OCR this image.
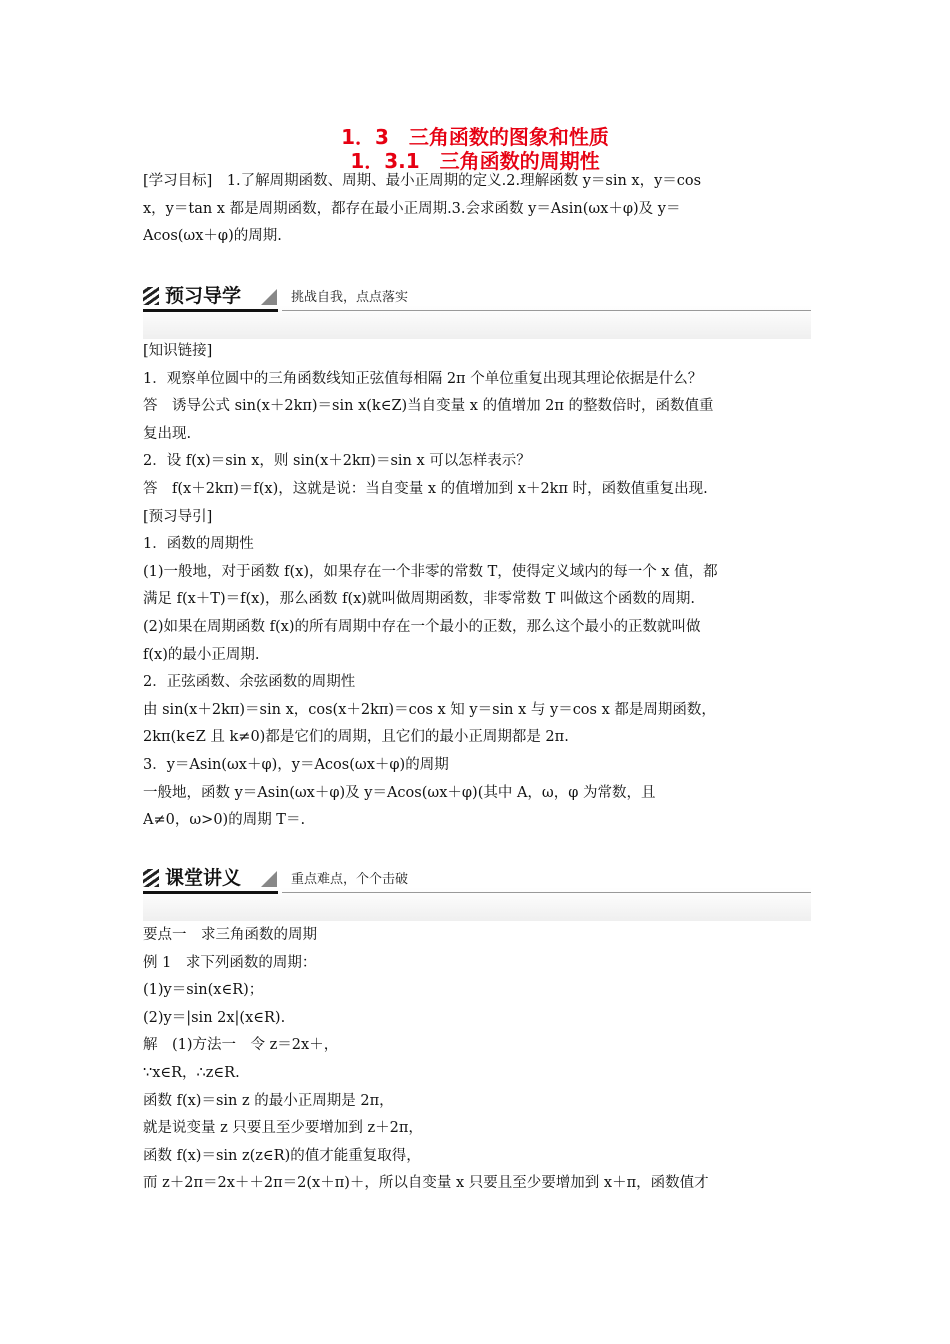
1．3　三角函数的图象和性质
1．3.1　三角函数的周期性
[学习目标]　1.了解周期函数、周期、最小正周期的定义.2.理解函数 y＝sin x，y＝cos
x，y＝tan x 都是周期函数，都存在最小正周期.3.会求函数 y＝Asin(ωx＋φ)及 y＝
Acos(ωx＋φ)的周期.
预习导学	挑战自我，点点落实
[知识链接]
1．观察单位圆中的三角函数线知正弦值每相隔 2π 个单位重复出现其理论依据是什么？
答　诱导公式 sin(x＋2kπ)＝sin x(k∈Z)当自变量 x 的值增加 2π 的整数倍时，函数值重
复出现.
2．设 f(x)＝sin x，则 sin(x＋2kπ)＝sin x 可以怎样表示？
答　f(x＋2kπ)＝f(x)，这就是说：当自变量 x 的值增加到 x＋2kπ 时，函数值重复出现.
[预习导引]
1．函数的周期性
(1)一般地，对于函数 f(x)，如果存在一个非零的常数 T，使得定义域内的每一个 x 值，都
满足 f(x＋T)＝f(x)，那么函数 f(x)就叫做周期函数，非零常数 T 叫做这个函数的周期.
(2)如果在周期函数 f(x)的所有周期中存在一个最小的正数，那么这个最小的正数就叫做
f(x)的最小正周期.
2．正弦函数、余弦函数的周期性
由 sin(x＋2kπ)＝sin x，cos(x＋2kπ)＝cos x 知 y＝sin x 与 y＝cos x 都是周期函数，
2kπ(k∈Z 且 k≠0)都是它们的周期，且它们的最小正周期都是 2π.
3．y＝Asin(ωx＋φ)，y＝Acos(ωx＋φ)的周期
一般地，函数 y＝Asin(ωx＋φ)及 y＝Acos(ωx＋φ)(其中 A，ω，φ 为常数，且
A≠0，ω>0)的周期 T＝.
课堂讲义	重点难点，个个击破
要点一　求三角函数的周期
例 1　求下列函数的周期：
(1)y＝sin(x∈R)；
(2)y＝|sin 2x|(x∈R).
解　(1)方法一　令 z＝2x＋，
∵x∈R，∴z∈R.
函数 f(x)＝sin z 的最小正周期是 2π，
就是说变量 z 只要且至少要增加到 z＋2π，
函数 f(x)＝sin z(z∈R)的值才能重复取得，
而 z＋2π＝2x＋＋2π＝2(x＋π)＋，所以自变量 x 只要且至少要增加到 x＋π，函数值才
